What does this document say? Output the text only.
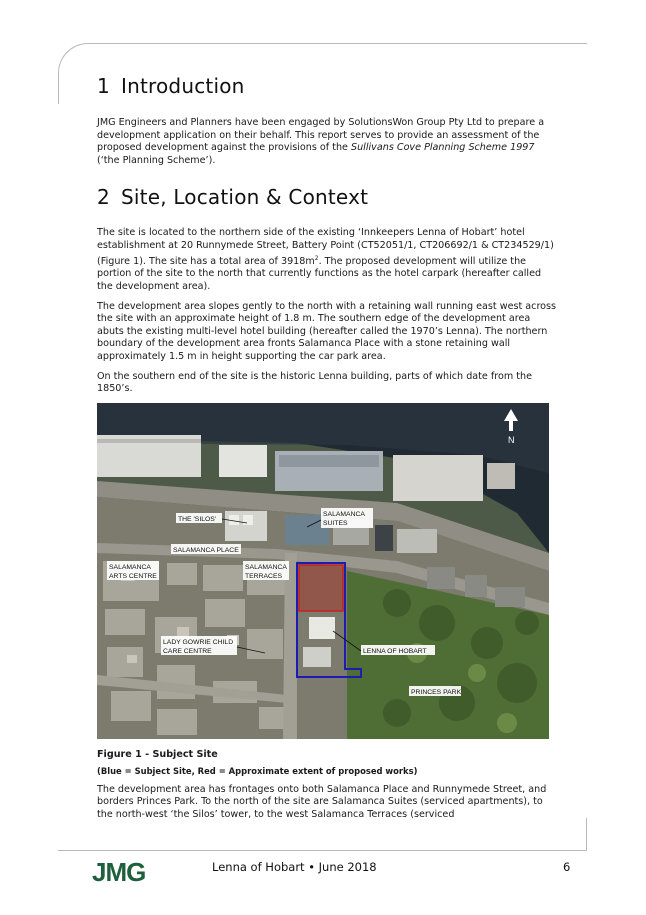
1 Introduction

JMG Engineers and Planners have been engaged by SolutionsWon Group Pty Ltd to prepare a development application on their behalf. This report serves to provide an assessment of the proposed development against the provisions of the Sullivans Cove Planning Scheme 1997 (‘the Planning Scheme’).

2 Site, Location & Context

The site is located to the northern side of the existing ‘Innkeepers Lenna of Hobart’ hotel establishment at 20 Runnymede Street, Battery Point (CT52051/1, CT206692/1 & CT234529/1) (Figure 1). The site has a total area of $3918m^2$. The proposed development will utilize the portion of the site to the north that currently functions as the hotel carpark (hereafter called the development area).

The development area slopes gently to the north with a retaining wall running east west across the site with an approximate height of 1.8 m. The southern edge of the development area abuts the existing multi-level hotel building (hereafter called the 1970’s Lenna). The northern boundary of the development area fronts Salamanca Place with a stone retaining wall approximately 1.5 m in height supporting the car park area.

On the southern end of the site is the historic Lenna building, parts of which date from the 1850’s.

THE 'SILOS'
SALAMANCA
SUITES
SALAMANCA PLACE
SALAMANCA
ARTS CENTRE
SALAMANCA
TERRACES
LADY GOWRIE CHILD
CARE CENTRE	LENNA OF HOBART
PRINCES PARK
N
Figure 1 - Subject Site
(Blue = Subject Site, Red = Approximate extent of proposed works)

The development area has frontages onto both Salamanca Place and Runnymede Street, and borders Princes Park. To the north of the site are Salamanca Suites (serviced apartments), to the north-west ‘the Silos’ tower, to the west Salamanca Terraces (serviced

JMG	Lenna of Hobart • June 2018	6
